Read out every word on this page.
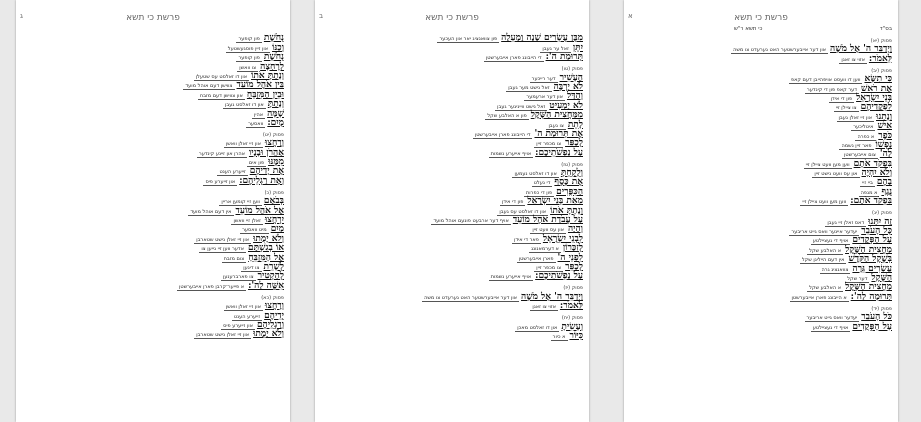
פרשת כי תשא
א
בס"ד
כי תשא ר"ש
פסוק (יא)
וַיְדַבֵּר ה' אֶל מֹשֶׁה
און דער אייבערשטער האט גערעדט צו משה
לֵּאמֹר:
אזוי צו זאגן
פסוק (יב)
כִּי תִשָּׂא
ווען דו וועסט אויפהייבן דעם קאפ
אֶת רֹאשׁ
דער קאפ פון די קינדער
בְּנֵי יִשְׂרָאֵל
פון די אידן
לִפְקֻדֵיהֶם
צו ציילן זיי
וְנָתְנוּ
און זיי זאלן געבן
אִישׁ
איטליכער
כֹּפֶר
א כפרה
נַפְשׁוֹ
פאר זיין נשמה
לַה'
צום אייבערשטן
בִּפְקֹד אֹתָם
ווען מען וועט ציילן זיי
וְלֹא יִהְיֶה
און עס וועט נישט זיין
בָהֶם
ביי זיי
נֶגֶף
א מגפה
בִּפְקֹד אֹתָם:
ווען מען וועט ציילן זיי
פסוק (יג)
זֶה יִתְּנוּ
דאס זאלן זיי געבן
כָּל הָעֹבֵר
יעדער איינער וואס גייט אריבער
עַל הַפְּקֻדִים
אויף די געציילטע
מַחֲצִית הַשֶּׁקֶל
א האלבע שקל
בְּשֶׁקֶל הַקֹּדֶשׁ
אין דעם הייליגן שקל
עֶשְׂרִים גֵּרָה
צוואנציג גרה
הַשֶּׁקֶל
דער שקל
מַחֲצִית הַשֶּׁקֶל
א האלבע שקל
תְּרוּמָה לַה':
א הייבונג פארן אייבערשטן
פסוק (יד)
כֹּל הָעֹבֵר
יעדער וואס גייט אריבער
עַל הַפְּקֻדִים
אויף די געציילטע
פרשת כי תשא
ב
מִבֶּן עֶשְׂרִים שָׁנָה וָמָעְלָה
פון צוואנציג יאר און העכער
יִתֵּן
זאל ער געבן
תְּרוּמַת ה':
די הייבונג פארן אייבערשטן
פסוק (טו)
הֶעָשִׁיר
דער רייכער
לֹא יַרְבֶּה
זאל נישט מער געבן
וְהַדַּל
און דער ארעמער
לֹא יַמְעִיט
זאל נישט ווייניגער געבן
מִמַּחֲצִית הַשָּׁקֶל
פון א האלבע שקל
לָתֵת
צו געבן
אֶת תְּרוּמַת ה'
די הייבונג פארן אייבערשטן
לְכַפֵּר
צו מכפר זיין
עַל נַפְשֹׁתֵיכֶם:
אויף אייערע נשמות
פסוק (טז)
וְלָקַחְתָּ
און דו זאלסט נעמען
אֶת כֶּסֶף
די געלט
הַכִּפֻּרִים
פון די כפרות
מֵאֵת בְּנֵי יִשְׂרָאֵל
פון די אידן
וְנָתַתָּ אֹתוֹ
און דו זאלסט עס געבן
עַל עֲבֹדַת אֹהֶל מוֹעֵד
אויף דער ארבעט פונעם אוהל מועד
וְהָיָה
און עס וועט זיין
לִבְנֵי יִשְׂרָאֵל
פאר די אידן
לְזִכָּרוֹן
א דערמאנונג
לִפְנֵי ה'
פארן אייבערשטן
לְכַפֵּר
צו מכפר זיין
עַל נַפְשֹׁתֵיכֶם:
אויף אייערע נשמות
פסוק (יז)
וַיְדַבֵּר ה' אֶל מֹשֶׁה
און דער אייבערשטער האט גערעדט צו משה
לֵּאמֹר:
אזוי צו זאגן
פסוק (יח)
וְעָשִׂיתָ
און דו זאלסט מאכן
כִּיּוֹר
א כיור
פרשת כי תשא
ג
נְחֹשֶׁת
פון קופער
וְכַנּוֹ
און זיין פוסגעשטעל
נְחֹשֶׁת
פון קופער
לְרָחְצָה
צו וואשן
וְנָתַתָּ אֹתוֹ
און דו זאלסט עס שטעלן
בֵּין אֹהֶל מוֹעֵד
צווישן דעם אוהל מועד
וּבֵין הַמִּזְבֵּחַ
און צווישן דעם מזבח
וְנָתַתָּ
און דו זאלסט געבן
שָׁמָּה
אהין
מָיִם:
וואסער
פסוק (יט)
וְרָחֲצוּ
און זיי זאלן וואשן
אַהֲרֹן וּבָנָיו
אהרן און זיינע קינדער
מִמֶּנּוּ
פון אים
אֶת יְדֵיהֶם
זייערע הענט
וְאֶת רַגְלֵיהֶם:
און זייערע פיס
פסוק (כ)
בְּבֹאָם
ווען זיי קומען אריין
אֶל אֹהֶל מוֹעֵד
אין דעם אוהל מועד
יִרְחֲצוּ
זאלן זיי וואשן
מַיִם
מיט וואסער
וְלֹא יָמֻתוּ
און זיי זאלן נישט שטארבן
אוֹ בְגִשְׁתָּם
אדער ווען זיי גייען צו
אֶל הַמִּזְבֵּחַ
צום מזבח
לְשָׁרֵת
צו דינען
לְהַקְטִיר
צו פארברענען
אִשֶּׁה לַה':
א פייער־קרבן פארן אייבערשטן
פסוק (כא)
וְרָחֲצוּ
און זיי זאלן וואשן
יְדֵיהֶם
זייערע הענט
וְרַגְלֵיהֶם
און זייערע פיס
וְלֹא יָמֻתוּ
און זיי זאלן נישט שטארבן
